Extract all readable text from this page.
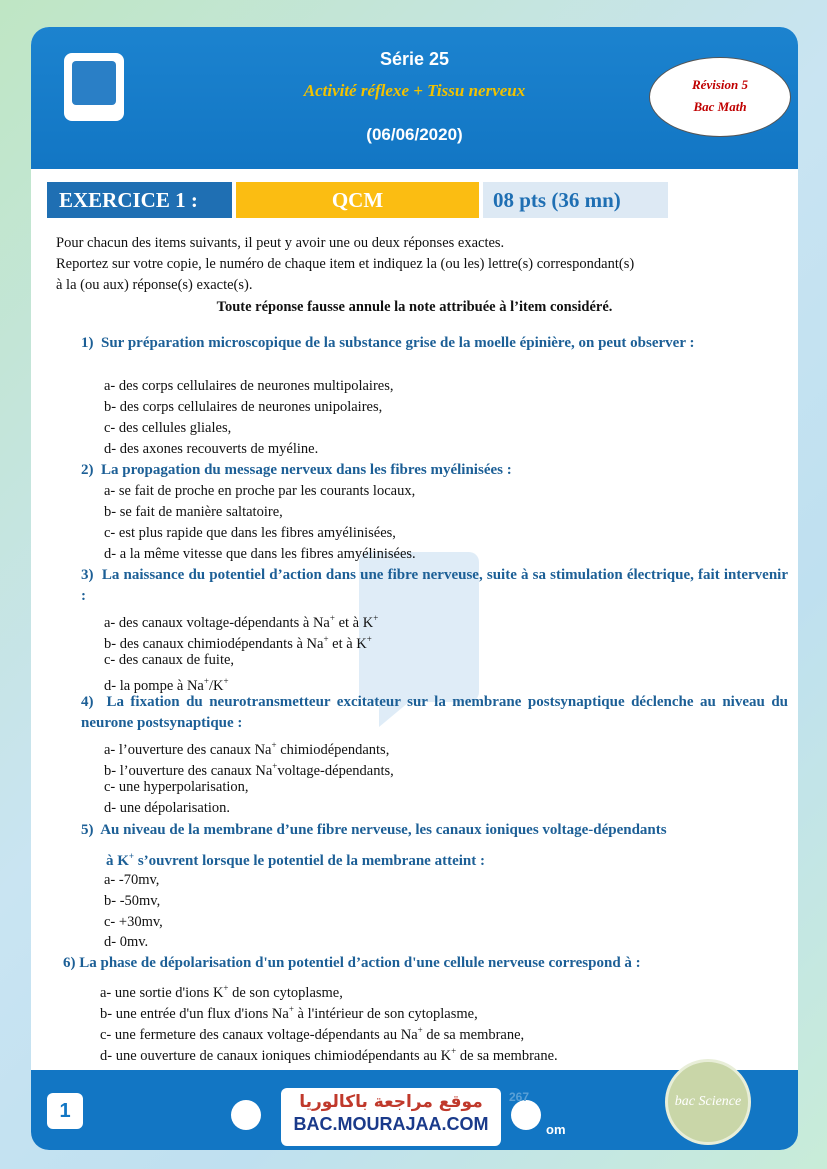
Série 25
Activité réflexe + Tissu nerveux
(06/06/2020)
Révision 5
Bac Math
EXERCICE 1 :	QCM	08 pts (36 mn)
Pour chacun des items suivants, il peut y avoir une ou deux réponses exactes.
Reportez sur votre copie, le numéro de chaque item et indiquez la (ou les) lettre(s) correspondant(s)
à la (ou aux) réponse(s) exacte(s).
Toute réponse fausse annule la note attribuée à l’item considéré.
1) Sur préparation microscopique de la substance grise de la moelle épinière, on peut observer :
a- des corps cellulaires de neurones multipolaires,
b- des corps cellulaires de neurones unipolaires,
c- des cellules gliales,
d- des axones recouverts de myéline.
2) La propagation du message nerveux dans les fibres myélinisées :
a- se fait de proche en proche par les courants locaux,
b- se fait de manière saltatoire,
c- est plus rapide que dans les fibres amyélinisées,
d- a la même vitesse que dans les fibres amyélinisées.
3) La naissance du potentiel d’action dans une fibre nerveuse, suite à sa stimulation électrique, fait intervenir :
a- des canaux voltage-dépendants à Na+ et à K+
b- des canaux chimiodépendants à Na+ et à K+
c- des canaux de fuite,
d- la pompe à Na+/K+
4) La fixation du neurotransmetteur excitateur sur la membrane postsynaptique déclenche au niveau du neurone postsynaptique :
a- l’ouverture des canaux Na+ chimiodépendants,
b- l’ouverture des canaux Na+voltage-dépendants,
c- une hyperpolarisation,
d- une dépolarisation.
5) Au niveau de la membrane d’une fibre nerveuse, les canaux ioniques voltage-dépendants
à K+ s’ouvrent lorsque le potentiel de la membrane atteint :
a- -70mv,
b- -50mv,
c- +30mv,
d- 0mv.
6) La phase de dépolarisation d'un potentiel d’action d'une cellule nerveuse correspond à :
a- une sortie d'ions K+ de son cytoplasme,
b- une entrée d'un flux d'ions Na+ à l'intérieur de son cytoplasme,
c- une fermeture des canaux voltage-dépendants au Na+ de sa membrane,
d- une ouverture de canaux ioniques chimiodépendants au K+ de sa membrane.
1	موقع مراجعة باكالوريا
BAC.MOURAJAA.COM
267
om
bac Science
